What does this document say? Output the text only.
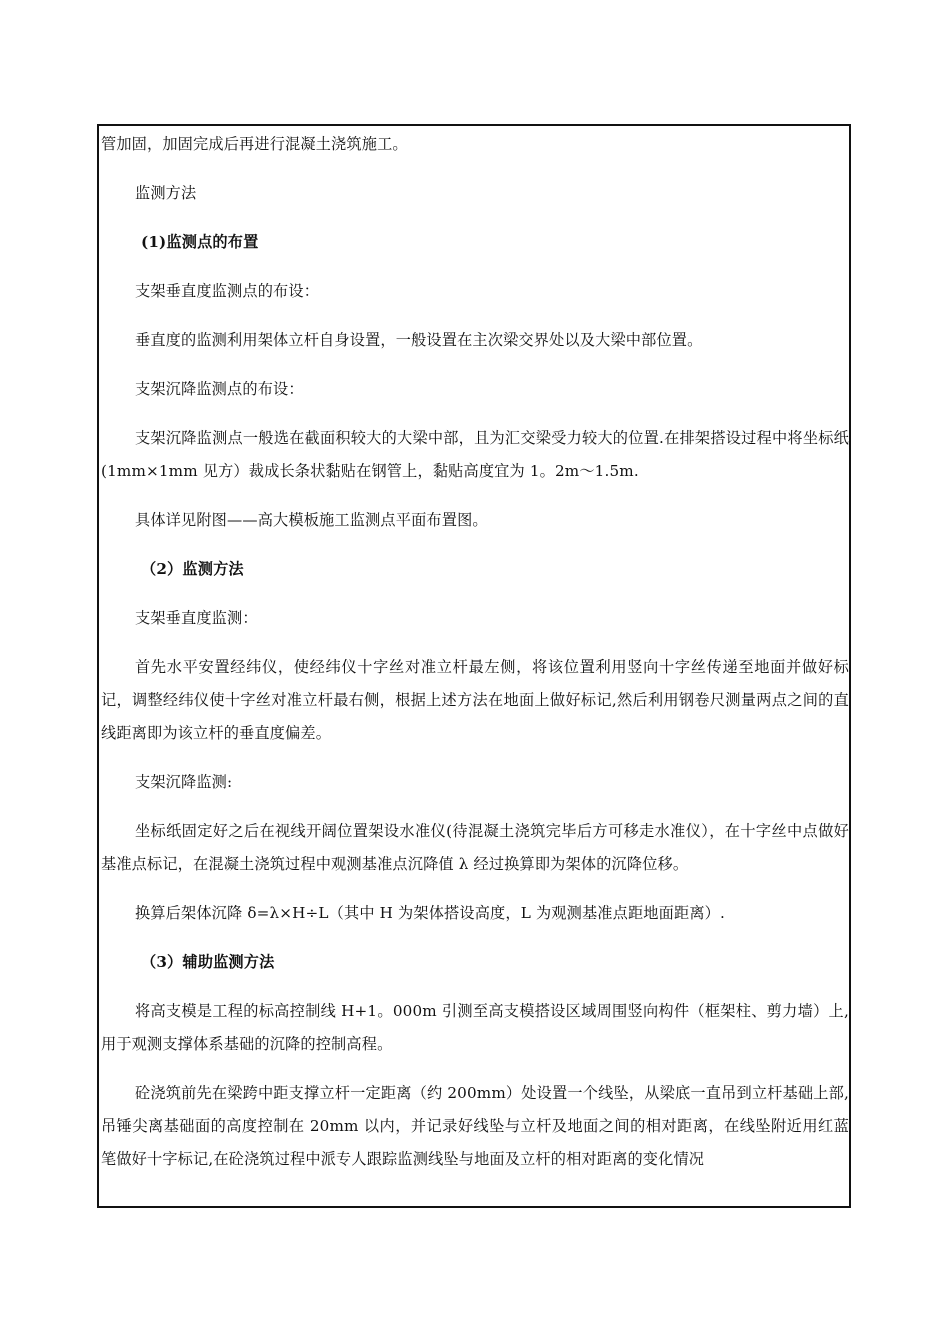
管加固，加固完成后再进行混凝土浇筑施工。

监测方法

(1)监测点的布置

支架垂直度监测点的布设：

垂直度的监测利用架体立杆自身设置，一般设置在主次梁交界处以及大梁中部位置。

支架沉降监测点的布设：

支架沉降监测点一般选在截面积较大的大梁中部，且为汇交梁受力较大的位置.在排架搭设过程中将坐标纸(1mm×1mm 见方）裁成长条状黏贴在钢管上，黏贴高度宜为 1。2m～1.5m.

具体详见附图——高大模板施工监测点平面布置图。

（2）监测方法

支架垂直度监测：

首先水平安置经纬仪，使经纬仪十字丝对准立杆最左侧，将该位置利用竖向十字丝传递至地面并做好标记，调整经纬仪使十字丝对准立杆最右侧，根据上述方法在地面上做好标记,然后利用钢卷尺测量两点之间的直线距离即为该立杆的垂直度偏差。

支架沉降监测:

坐标纸固定好之后在视线开阔位置架设水准仪(待混凝土浇筑完毕后方可移走水准仪），在十字丝中点做好基准点标记，在混凝土浇筑过程中观测基准点沉降值 λ 经过换算即为架体的沉降位移。

换算后架体沉降 δ=λ×H÷L（其中 H 为架体搭设高度，L 为观测基准点距地面距离）.

（3）辅助监测方法

将高支模是工程的标高控制线 H+1。000m 引测至高支模搭设区域周围竖向构件（框架柱、剪力墙）上,用于观测支撑体系基础的沉降的控制高程。

砼浇筑前先在梁跨中距支撑立杆一定距离（约 200mm）处设置一个线坠，从梁底一直吊到立杆基础上部,吊锤尖离基础面的高度控制在 20mm 以内，并记录好线坠与立杆及地面之间的相对距离，在线坠附近用红蓝笔做好十字标记,在砼浇筑过程中派专人跟踪监测线坠与地面及立杆的相对距离的变化情况
